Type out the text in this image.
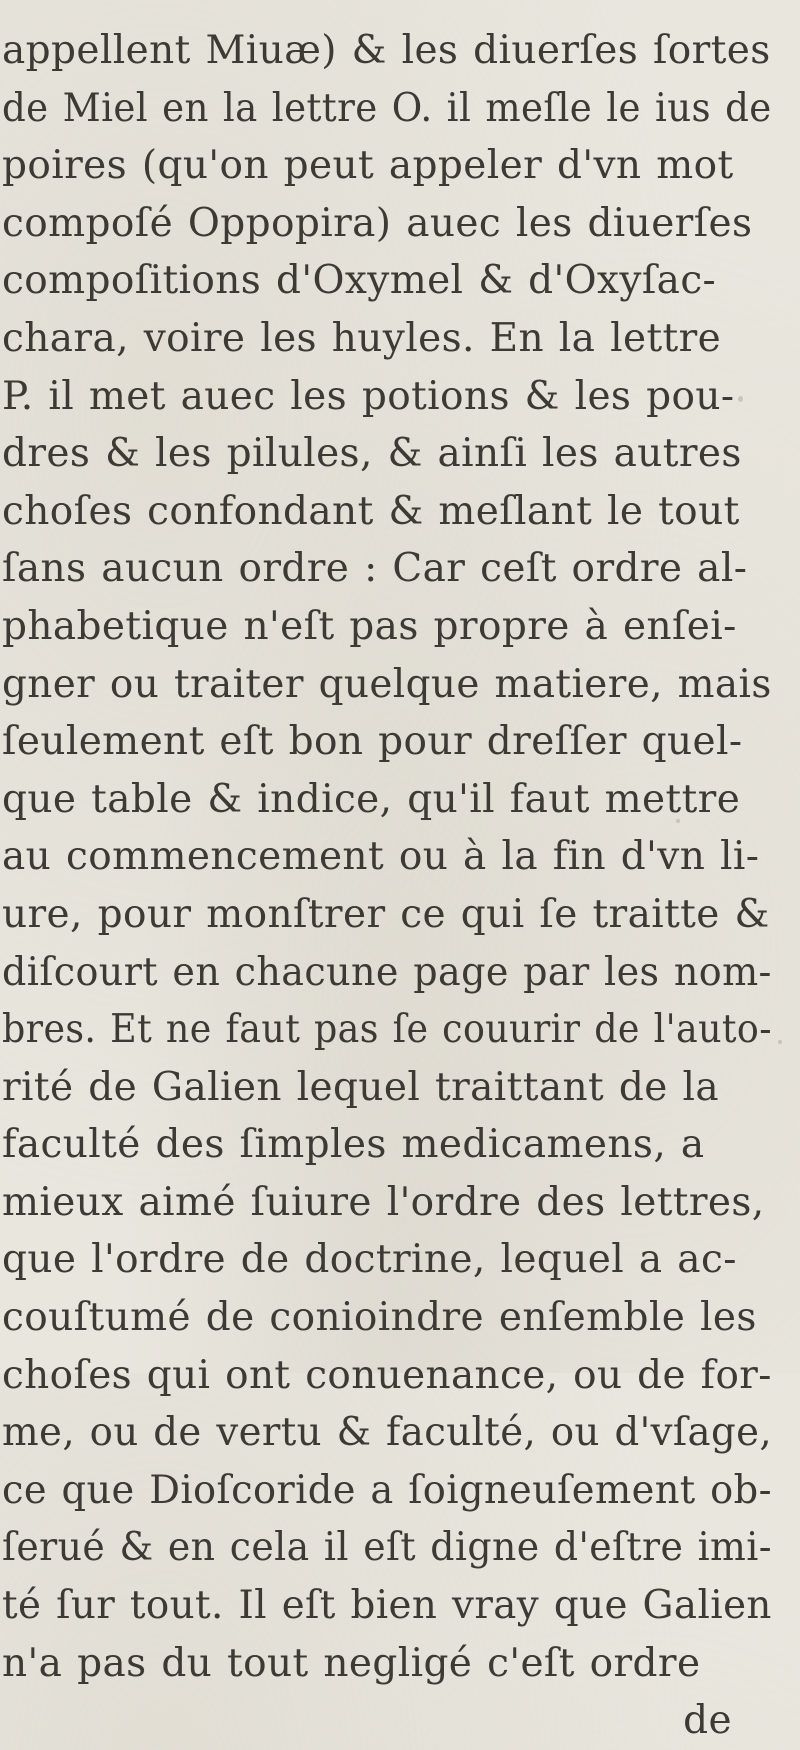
appellent Miuæ) & les diuerſes ſortes
de Miel en la lettre O. il meſle le ius de
poires (qu'on peut appeler d'vn mot
compoſé Oppopira) auec les diuerſes
compoſitions d'Oxymel & d'Oxyſac-
chara, voire les huyles. En la lettre
P. il met auec les potions & les pou-
dres & les pilules, & ainſi les autres
choſes confondant & meſlant le tout
ſans aucun ordre : Car ceſt ordre al-
phabetique n'eſt pas propre à enſei-
gner ou traiter quelque matiere, mais
ſeulement eſt bon pour dreſſer quel-
que table & indice, qu'il faut mettre
au commencement ou à la fin d'vn li-
ure, pour monſtrer ce qui ſe traitte &
diſcourt en chacune page par les nom-
bres. Et ne faut pas ſe couurir de l'auto-
rité de Galien lequel traittant de la
faculté des ſimples medicamens, a
mieux aimé ſuiure l'ordre des lettres,
que l'ordre de doctrine, lequel a ac-
couſtumé de conioindre enſemble les
choſes qui ont conuenance, ou de for-
me, ou de vertu & faculté, ou d'vſage,
ce que Dioſcoride a ſoigneuſement ob-
ſerué & en cela il eſt digne d'eſtre imi-
té ſur tout. Il eſt bien vray que Galien
n'a pas du tout negligé c'eſt ordre
de
